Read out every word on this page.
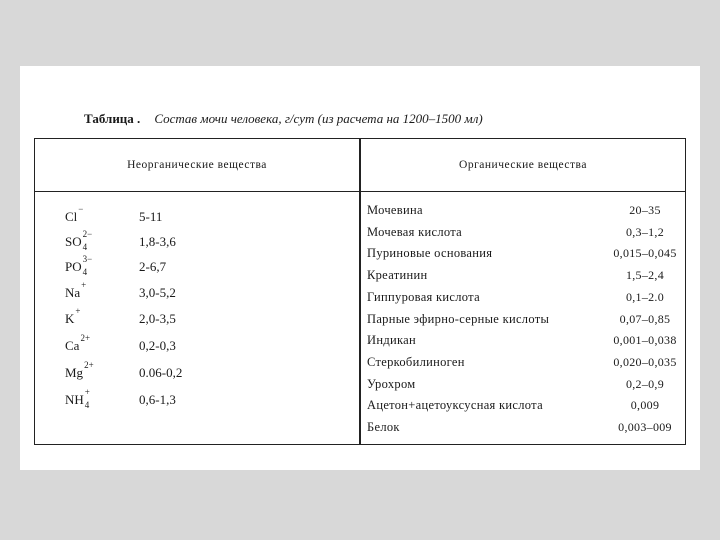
Таблица . Состав мочи человека, г/сут (из расчета на 1200–1500 мл)
Неорганические вещества	Органические вещества
Cl −	5-11
SO 2−
4	1,8-3,6
PO 3−
4	2-6,7
Na +	3,0-5,2
K +	2,0-3,5
Ca 2+	0,2-0,3
Mg 2+	0.06-0,2
NH +
4	0,6-1,3
Мочевина	20–35
Мочевая кислота	0,3–1,2
Пуриновые основания	0,015–0,045
Креатинин	1,5–2,4
Гиппуровая кислота	0,1–2.0
Парные эфирно-серные кислоты	0,07–0,85
Индикан	0,001–0,038
Стеркобилиноген	0,020–0,035
Урохром	0,2–0,9
Ацетон+ацетоуксусная кислота	0,009
Белок	0,003–009
